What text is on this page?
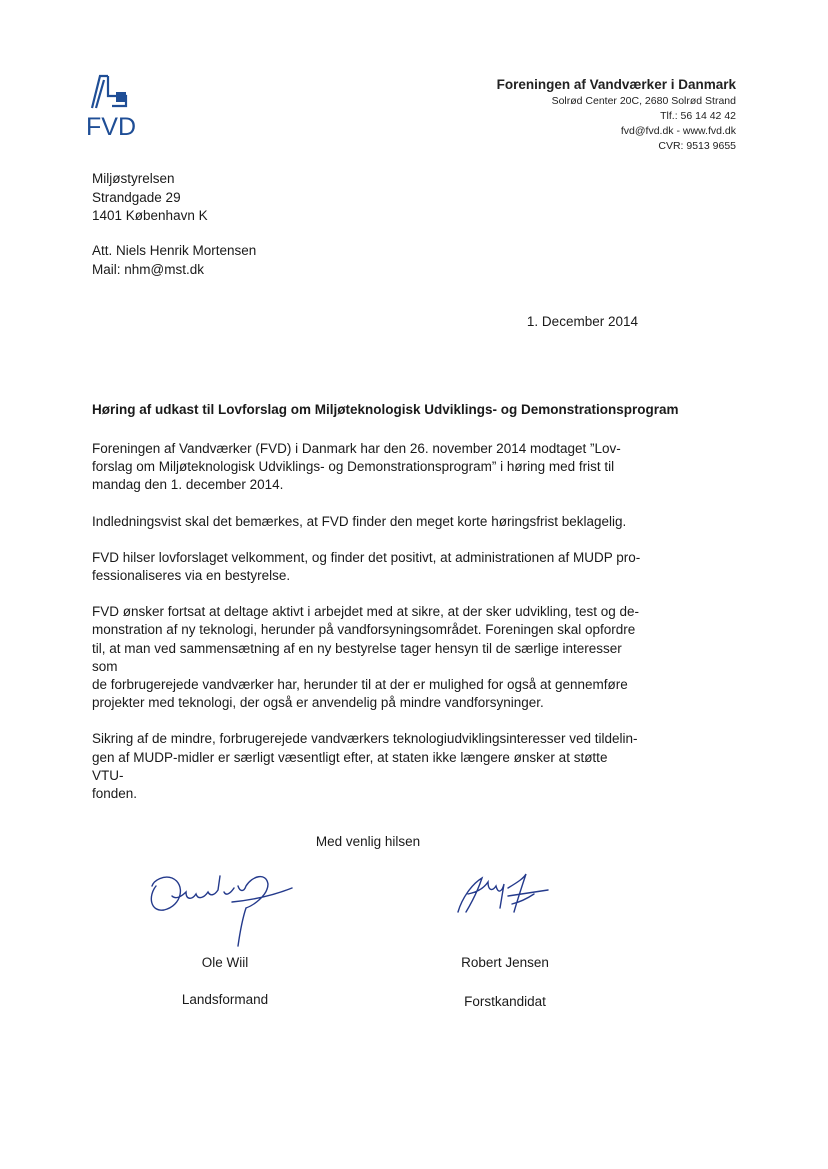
FVD
Foreningen af Vandværker i Danmark
Solrød Center 20C, 2680 Solrød Strand
Tlf.: 56 14 42 42
fvd@fvd.dk - www.fvd.dk
CVR: 9513 9655
Miljøstyrelsen
Strandgade 29
1401 København K
Att. Niels Henrik Mortensen
Mail: nhm@mst.dk
1. December 2014
Høring af udkast til Lovforslag om Miljøteknologisk Udviklings- og Demonstrationsprogram

Foreningen af Vandværker (FVD) i Danmark har den 26. november 2014 modtaget ”Lov-
forslag om Miljøteknologisk Udviklings- og Demonstrationsprogram” i høring med frist til
mandag den 1. december 2014.

Indledningsvist skal det bemærkes, at FVD finder den meget korte høringsfrist beklagelig.

FVD hilser lovforslaget velkomment, og finder det positivt, at administrationen af MUDP pro-
fessionaliseres via en bestyrelse.

FVD ønsker fortsat at deltage aktivt i arbejdet med at sikre, at der sker udvikling, test og de-
monstration af ny teknologi, herunder på vandforsyningsområdet. Foreningen skal opfordre
til, at man ved sammensætning af en ny bestyrelse tager hensyn til de særlige interesser som
de forbrugerejede vandværker har, herunder til at der er mulighed for også at gennemføre
projekter med teknologi, der også er anvendelig på mindre vandforsyninger.

Sikring af de mindre, forbrugerejede vandværkers teknologiudviklingsinteresser ved tildelin-
gen af MUDP-midler er særligt væsentligt efter, at staten ikke længere ønsker at støtte VTU-
fonden.

Med venlig hilsen
Ole Wiil
Landsformand
Robert Jensen
Forstkandidat
